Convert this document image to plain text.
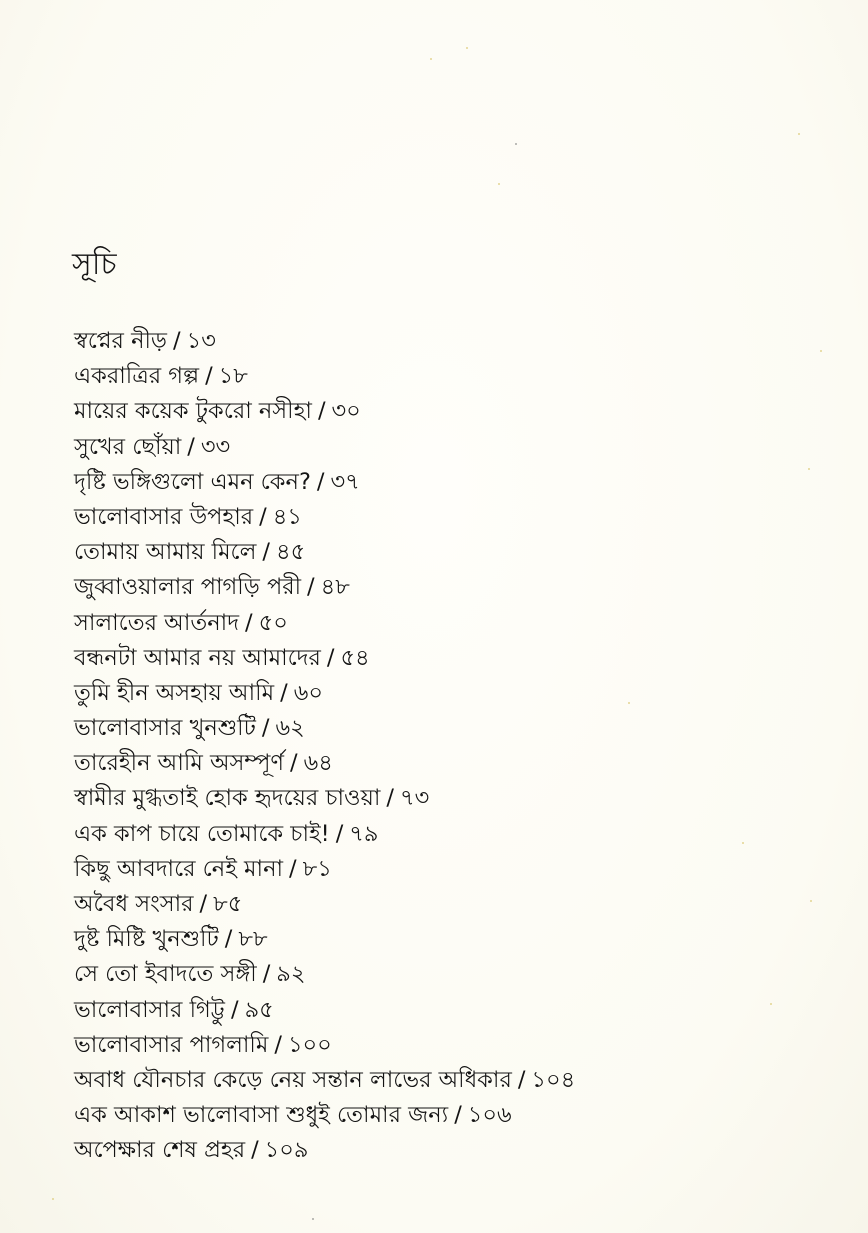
সূচি
স্বপ্নের নীড় / ১৩
একরাত্রির গল্প / ১৮
মায়ের কয়েক টুকরো নসীহা / ৩০
সুখের ছোঁয়া / ৩৩
দৃষ্টি ভঙ্গিগুলো এমন কেন? / ৩৭
ভালোবাসার উপহার / ৪১
তোমায় আমায় মিলে / ৪৫
জুব্বাওয়ালার পাগড়ি পরী / ৪৮
সালাতের আর্তনাদ / ৫০
বন্ধনটা আমার নয় আমাদের / ৫৪
তুমি হীন অসহায় আমি / ৬০
ভালোবাসার খুনশুটি / ৬২
তারেহীন আমি অসম্পূর্ণ / ৬৪
স্বামীর মুগ্ধতাই হোক হৃদয়ের চাওয়া / ৭৩
এক কাপ চায়ে তোমাকে চাই! / ৭৯
কিছু আবদারে নেই মানা / ৮১
অবৈধ সংসার / ৮৫
দুষ্ট মিষ্টি খুনশুটি / ৮৮
সে তো ইবাদতে সঙ্গী / ৯২
ভালোবাসার গিট্টু / ৯৫
ভালোবাসার পাগলামি / ১০০
অবাধ যৌনচার কেড়ে নেয় সন্তান লাভের অধিকার / ১০৪
এক আকাশ ভালোবাসা শুধুই তোমার জন্য / ১০৬
অপেক্ষার শেষ প্রহর / ১০৯
